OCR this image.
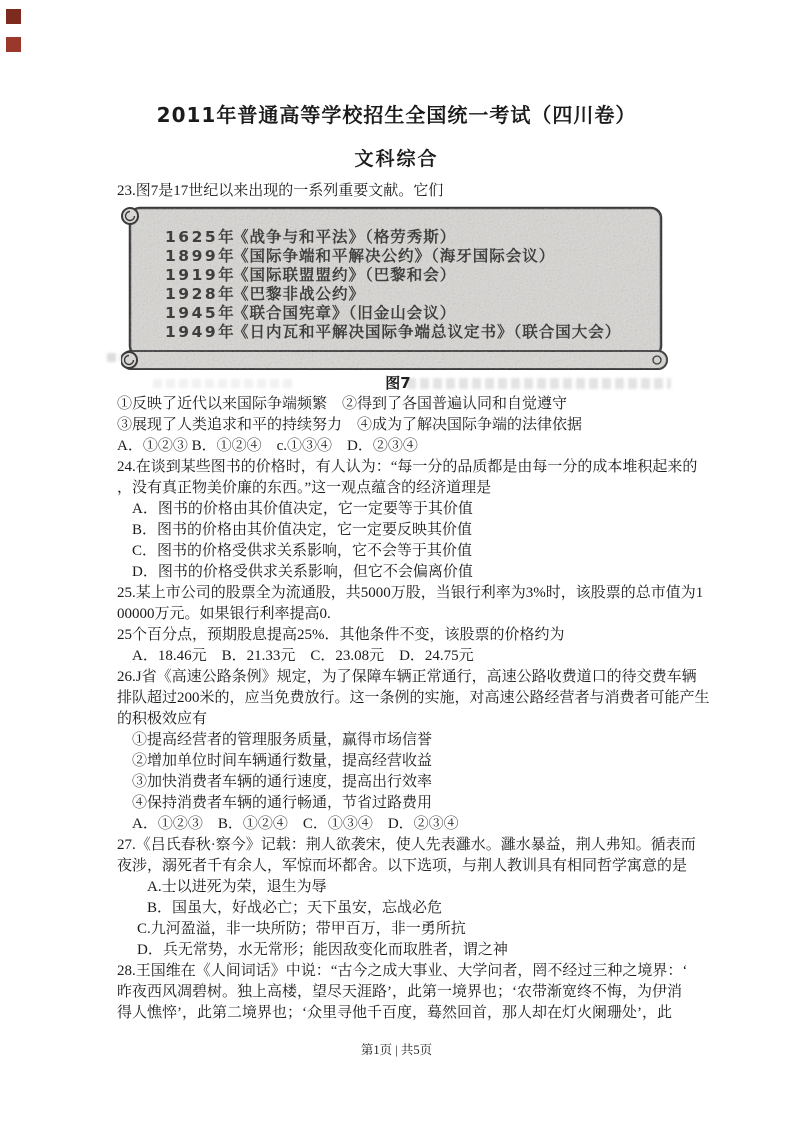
2011年普通高等学校招生全国统一考试（四川卷）
文科综合

23.图7是17世纪以来出现的一系列重要文献。它们

1625年
《战争与和平法》（格劳秀斯）
1899年
《国际争端和平解决公约》（海牙国际会议）
1919年
《国际联盟盟约》（巴黎和会）
1928年
《巴黎非战公约》
1945年
《联合国宪章》（旧金山会议）
1949年
《日内瓦和平解决国际争端总议定书》（联合国大会）

图7

①反映了近代以来国际争端频繁　②得到了各国普遍认同和自觉遵守

③展现了人类追求和平的持续努力　④成为了解决国际争端的法律依据

A．①②③ B．①②④　c.①③④　D．②③④

24.在谈到某些图书的价格时，有人认为：“每一分的品质都是由每一分的成本堆积起来的

，没有真正物美价廉的东西。”这一观点蕴含的经济道理是

A．图书的价格由其价值决定，它一定要等于其价值

B．图书的价格由其价值决定，它一定要反映其价值

C．图书的价格受供求关系影响，它不会等于其价值

D．图书的价格受供求关系影响，但它不会偏离价值

25.某上市公司的股票全为流通股，共5000万股，当银行利率为3%时，该股票的总市值为1

00000万元。如果银行利率提高0.

25个百分点，预期股息提高25%．其他条件不变，该股票的价格约为

A．18.46元　B．21.33元　C．23.08元　D．24.75元

26.J省《高速公路条例》规定，为了保障车辆正常通行，高速公路收费道口的待交费车辆

排队超过200米的，应当免费放行。这一条例的实施，对高速公路经营者与消费者可能产生

的积极效应有

①提高经营者的管理服务质量，赢得市场信誉

②增加单位时间车辆通行数量，提高经营收益

③加快消费者车辆的通行速度，提高出行效率

④保持消费者车辆的通行畅通，节省过路费用

A．①②③　B．①②④　C．①③④　D．②③④

27.《吕氏春秋·察今》记载：荆人欲袭宋，使人先表灉水。灉水暴益，荆人弗知。循表而

夜涉，溺死者千有余人，军惊而坏都舍。以下选项，与荆人教训具有相同哲学寓意的是

A.士以进死为荣，退生为辱

B．国虽大，好战必亡；天下虽安，忘战必危

C.九河盈溢，非一块所防；带甲百万，非一勇所抗

D．兵无常势，水无常形；能因敌变化而取胜者，谓之神

28.王国维在《人间词话》中说：“古今之成大事业、大学问者，罔不经过三种之境界：‘

昨夜西风凋碧树。独上高楼，望尽天涯路’，此第一境界也；‘农带渐宽终不悔，为伊消

得人憔悴’，此第二境界也；‘众里寻他千百度，蓦然回首，那人却在灯火阑珊处’，此

第1页 | 共5页
